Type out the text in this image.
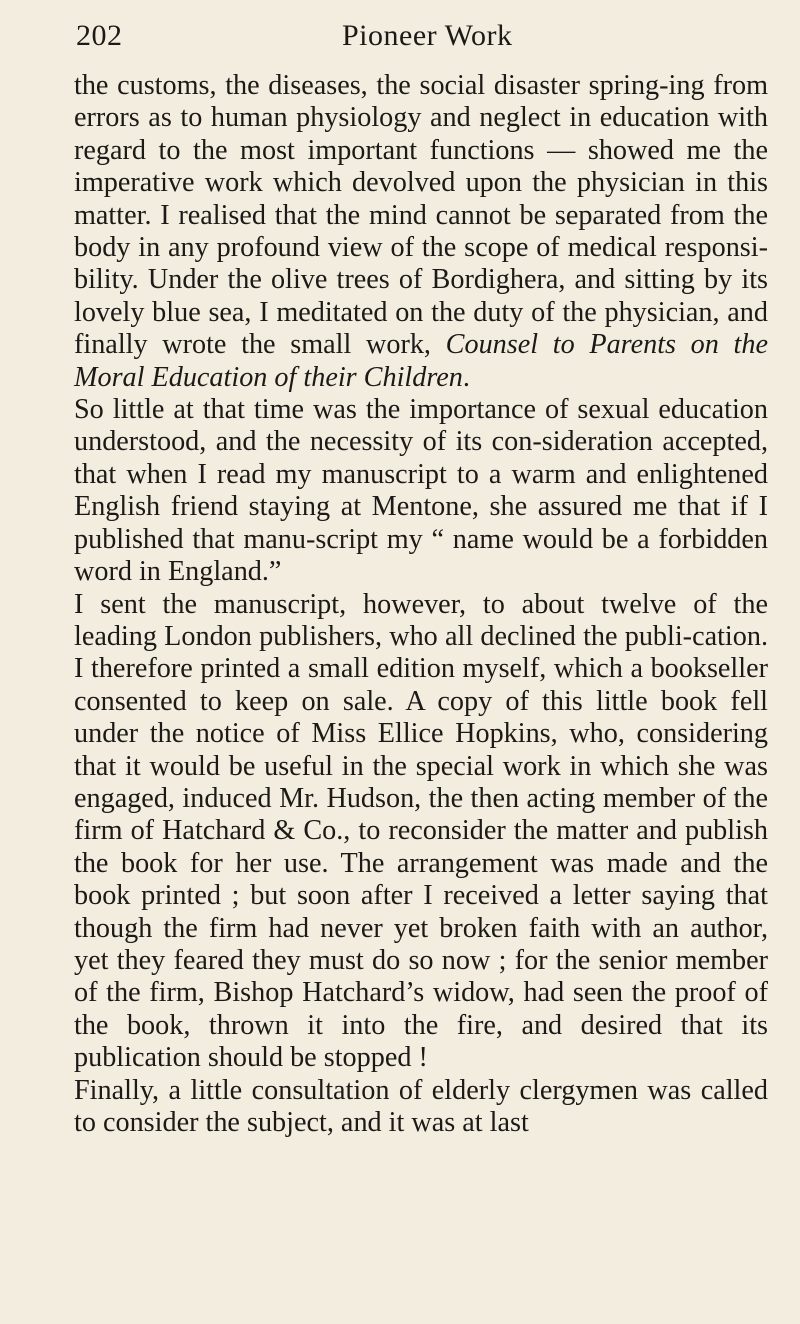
202	Pioneer Work

the customs, the diseases, the social disaster spring-ing from errors as to human physiology and neglect in education with regard to the most important functions — showed me the imperative work which devolved upon the physician in this matter. I realised that the mind cannot be separated from the body in any profound view of the scope of medical responsi-bility. Under the olive trees of Bordighera, and sitting by its lovely blue sea, I meditated on the duty of the physician, and finally wrote the small work, Counsel to Parents on the Moral Education of their Children.

So little at that time was the importance of sexual education understood, and the necessity of its con-sideration accepted, that when I read my manuscript to a warm and enlightened English friend staying at Mentone, she assured me that if I published that manu-script my “ name would be a forbidden word in England.”

I sent the manuscript, however, to about twelve of the leading London publishers, who all declined the publi-cation. I therefore printed a small edition myself, which a bookseller consented to keep on sale. A copy of this little book fell under the notice of Miss Ellice Hopkins, who, considering that it would be useful in the special work in which she was engaged, induced Mr. Hudson, the then acting member of the firm of Hatchard & Co., to reconsider the matter and publish the book for her use. The arrangement was made and the book printed ; but soon after I received a letter saying that though the firm had never yet broken faith with an author, yet they feared they must do so now ; for the senior member of the firm, Bishop Hatchard’s widow, had seen the proof of the book, thrown it into the fire, and desired that its publication should be stopped !

Finally, a little consultation of elderly clergymen was called to consider the subject, and it was at last
